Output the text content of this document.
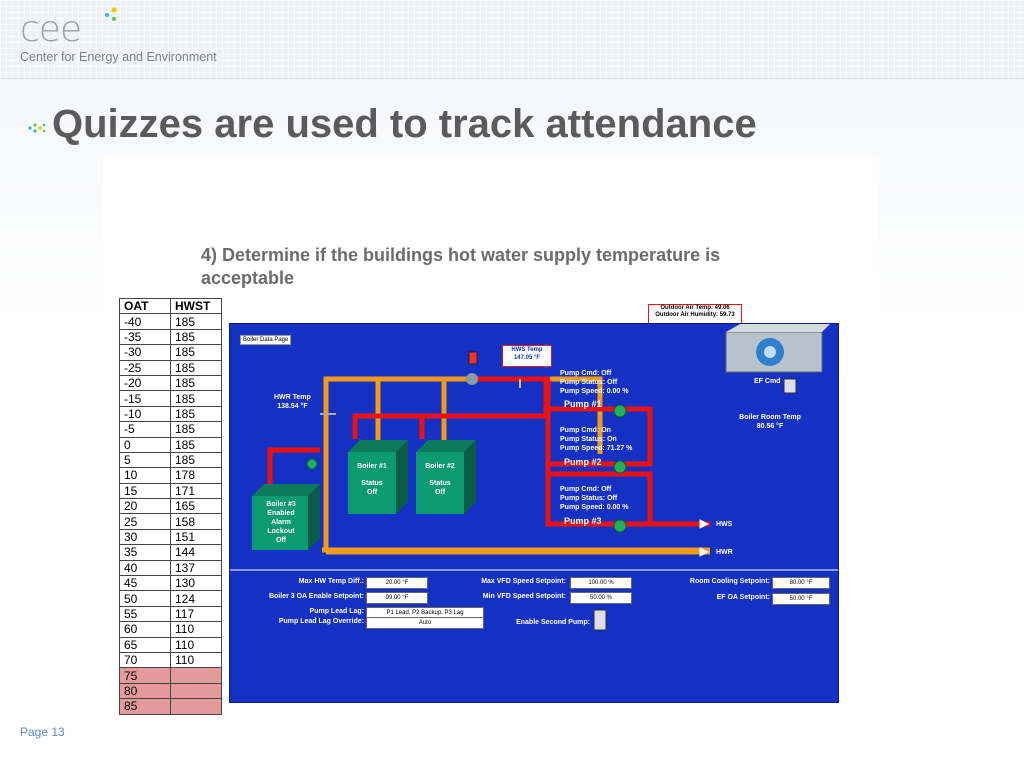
cee
Center for Energy and Environment
Quizzes are used to track attendance
4) Determine if the buildings hot water supply temperature is acceptable
OAT	HWST
-40	185
-35	185
-30	185
-25	185
-20	185
-15	185
-10	185
-5	185
0	185
5	185
10	178
15	171
20	165
25	158
30	151
35	144
40	137
45	130
50	124
55	117
60	110
65	110
70	110
75	
80	
85	
Outdoor Air Temp: 49.06
Outdoor Air Humidity: 59.73
Boiler Data Page
HWR Temp
138.54 °F
HWS Temp
147.05 °F
Boiler #3
Enabled
Alarm
Lockout
Off
Boiler #1
Status
Off
Boiler #2
Status
Off
Pump Cmd: Off
Pump Status: Off
Pump Speed: 0.00 %
Pump #1
Pump Cmd: On
Pump Status: On
Pump Speed: 71.27 %
Pump #2
Pump Cmd: Off
Pump Status: Off
Pump Speed: 0.00 %
Pump #3	HWS
HWR
EF Cmd
Boiler Room Temp
80.56 °F
Max HW Temp Diff.:	20.00 °F
Boiler 3 OA Enable Setpoint:	99.00 °F
Pump Lead Lag:	P1 Lead, P2 Backup, P3 Lag
Pump Lead Lag Override:	Auto
Max VFD Speed Setpoint:	100.00 %
Min VFD Speed Setpoint:	50.00 %
Enable Second Pump:
Room Cooling Setpoint:	80.00 °F
EF OA Setpoint:	50.00 °F
Page 13
